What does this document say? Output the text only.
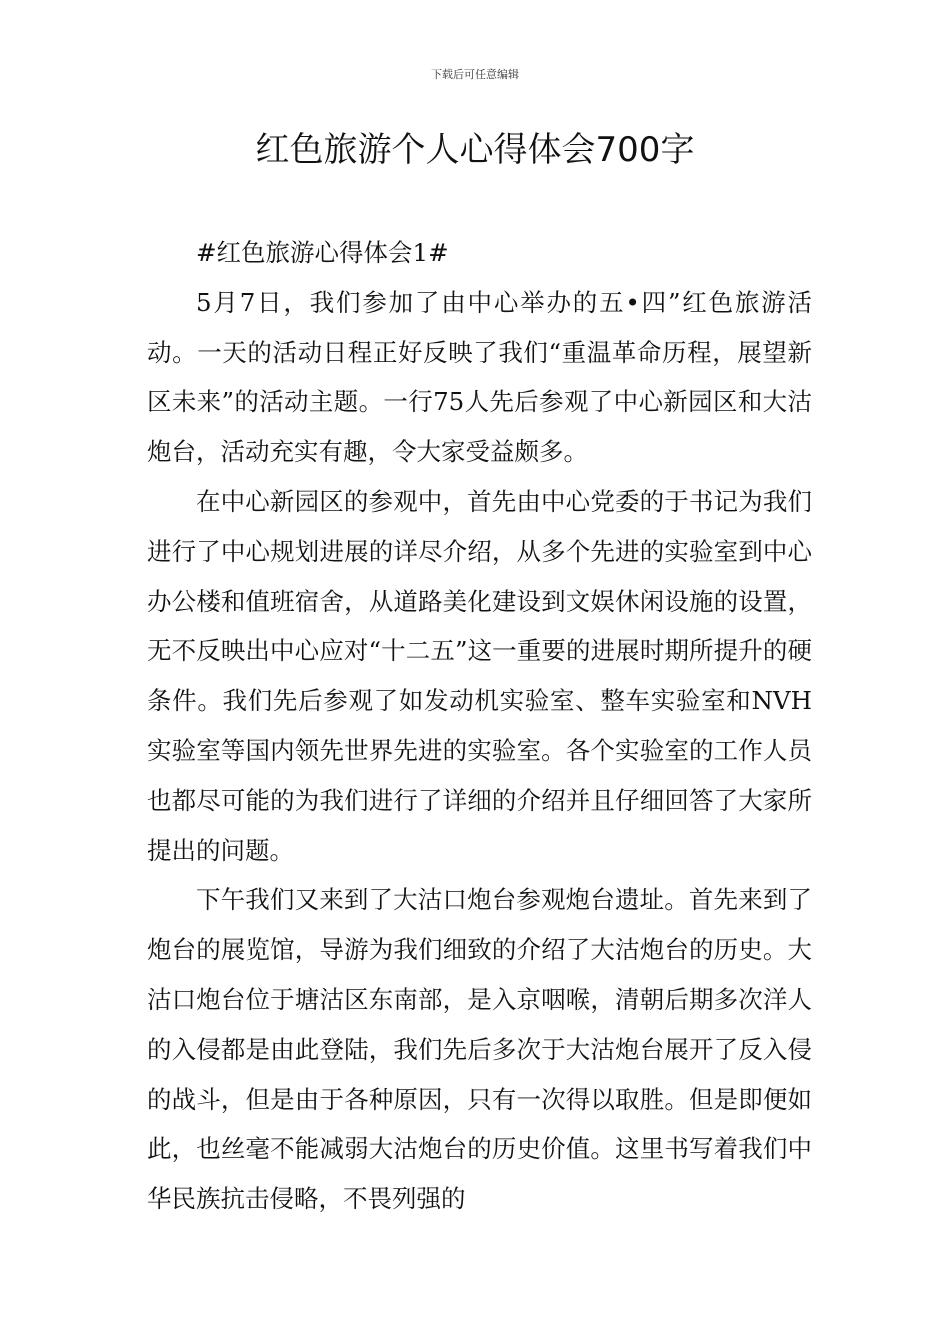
下载后可任意编辑
红色旅游个人心得体会700字

#红色旅游心得体会1#

5月7日，我们参加了由中心举办的五•四”红色旅游活动。一天的活动日程正好反映了我们“重温革命历程，展望新区未来”的活动主题。一行75人先后参观了中心新园区和大沽炮台，活动充实有趣，令大家受益颇多。

在中心新园区的参观中，首先由中心党委的于书记为我们进行了中心规划进展的详尽介绍，从多个先进的实验室到中心办公楼和值班宿舍，从道路美化建设到文娱休闲设施的设置，无不反映出中心应对“十二五”这一重要的进展时期所提升的硬条件。我们先后参观了如发动机实验室、整车实验室和NVH实验室等国内领先世界先进的实验室。各个实验室的工作人员也都尽可能的为我们进行了详细的介绍并且仔细回答了大家所提出的问题。

下午我们又来到了大沽口炮台参观炮台遗址。首先来到了炮台的展览馆，导游为我们细致的介绍了大沽炮台的历史。大沽口炮台位于塘沽区东南部，是入京咽喉，清朝后期多次洋人的入侵都是由此登陆，我们先后多次于大沽炮台展开了反入侵的战斗，但是由于各种原因，只有一次得以取胜。但是即便如此，也丝毫不能减弱大沽炮台的历史价值。这里书写着我们中华民族抗击侵略，不畏列强的
